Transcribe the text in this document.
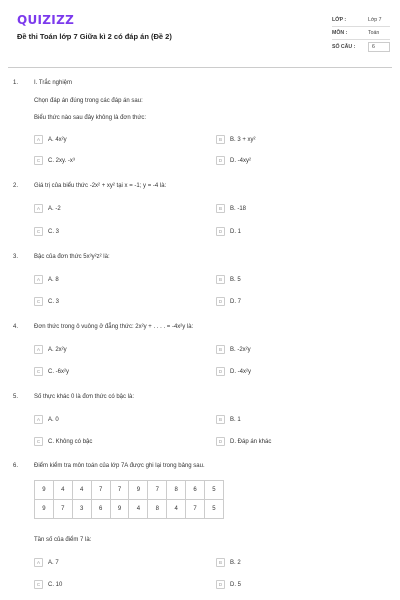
QUIZIZZ
Đề thi Toán lớp 7 Giữa kì 2 có đáp án (Đề 2)
LỚP :	Lớp 7
MÔN :	Toán
SỐ CÂU :	6
1.	I. Trắc nghiệm
Chọn đáp án đúng trong các đáp án sau:
Biểu thức nào sau đây không là đơn thức:
A	A. 4x²y	B	B. 3 + xy²
C	C. 2xy. -x³	D	D. -4xy²
2.	Giá trị của biểu thức -2x² + xy² tại x = -1; y = -4 là:
A	A. -2	B	B. -18
C	C. 3	D	D. 1
3.	Bậc của đơn thức 5x³y²z² là:
A	A. 8	B	B. 5
C	C. 3	D	D. 7
4.	Đơn thức trong ô vuông ở đẳng thức: 2x²y + . . . . = -4x²y là:
A	A. 2x²y	B	B. -2x²y
C	C. -6x²y	D	D. -4x²y
5.	Số thực khác 0 là đơn thức có bậc là:
A	A. 0	B	B. 1
C	C. Không có bậc	D	D. Đáp án khác
6.	Điểm kiểm tra môn toán của lớp 7A được ghi lại trong bảng sau.
9	4	4	7	7	9	7	8	6	5
9	7	3	6	9	4	8	4	7	5
Tần số của điểm 7 là:
A	A. 7	B	B. 2
C	C. 10	D	D. 5
